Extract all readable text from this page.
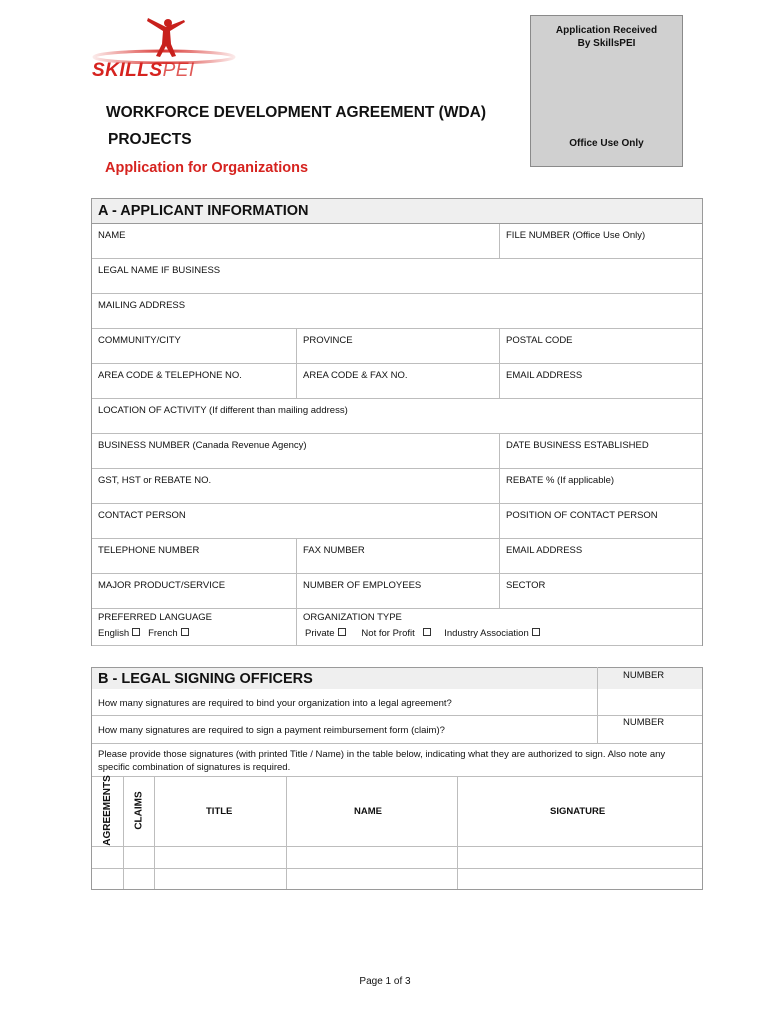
SKILLSPEI
Application Received By SkillsPEI
Office Use Only
WORKFORCE DEVELOPMENT AGREEMENT (WDA)
PROJECTS
Application for Organizations
A - APPLICANT INFORMATION
NAME	FILE NUMBER (Office Use Only)
LEGAL NAME IF BUSINESS
MAILING ADDRESS
COMMUNITY/CITY	PROVINCE	POSTAL CODE
AREA CODE & TELEPHONE NO.	AREA CODE & FAX NO.	EMAIL ADDRESS
LOCATION OF ACTIVITY (If different than mailing address)
BUSINESS NUMBER (Canada Revenue Agency)	DATE BUSINESS ESTABLISHED
GST, HST or REBATE NO.	REBATE % (If applicable)
CONTACT PERSON	POSITION OF CONTACT PERSON
TELEPHONE NUMBER	FAX NUMBER	EMAIL ADDRESS
MAJOR PRODUCT/SERVICE	NUMBER OF EMPLOYEES	SECTOR
PREFERRED LANGUAGE
English French
ORGANIZATION TYPE
Private	Not for Profit	Industry Association
B - LEGAL SIGNING OFFICERS
How many signatures are required to bind your organization into a legal agreement?
NUMBER
How many signatures are required to sign a payment reimbursement form (claim)?
NUMBER
Please provide those signatures (with printed Title / Name) in the table below, indicating what they are authorized to sign. Also note any specific combination of signatures is required.
AGREEMENTS CLAIMS	TITLE	NAME	SIGNATURE
Page 1 of 3
